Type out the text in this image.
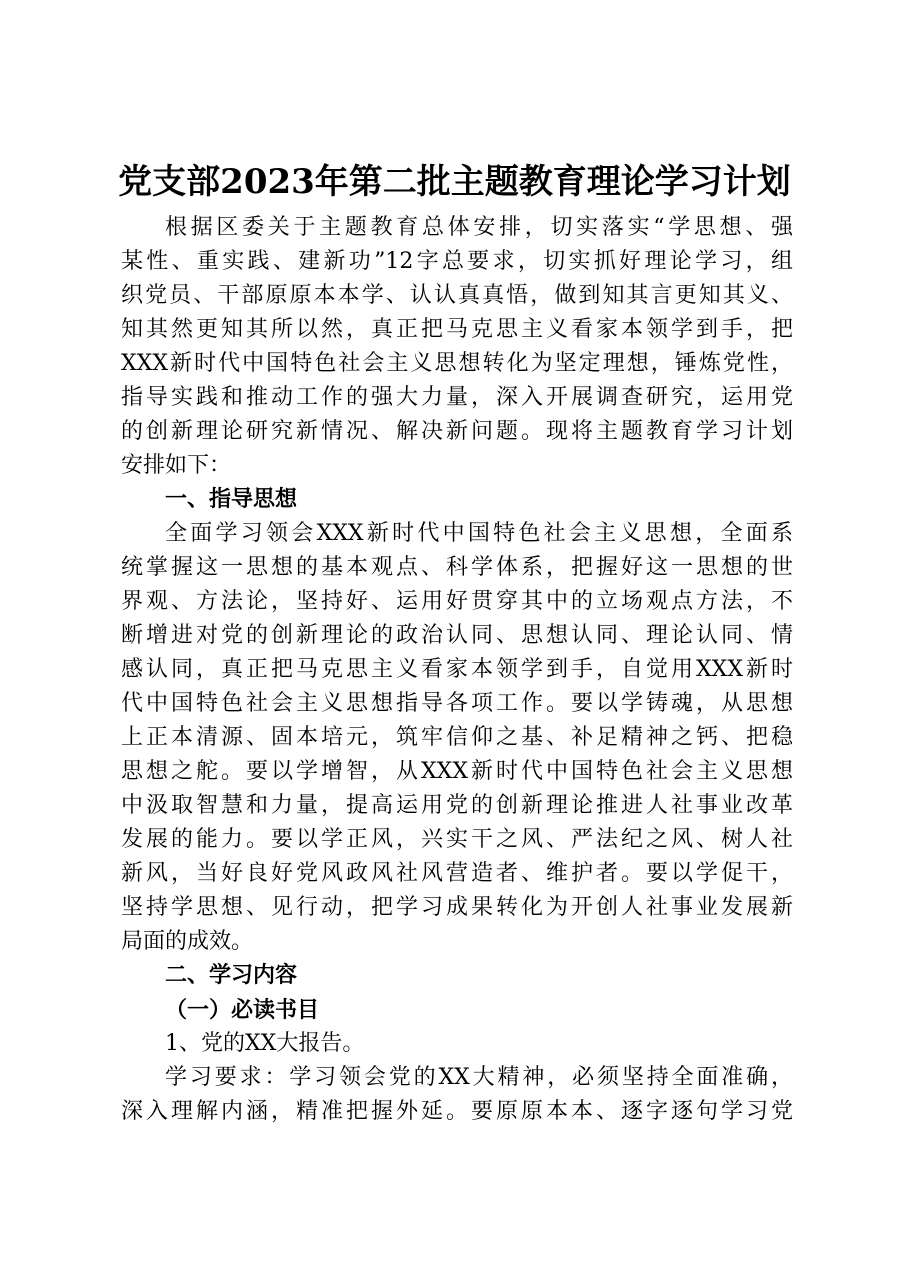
党支部2023年第二批主题教育理论学习计划
根据区委关于主题教育总体安排，切实落实“学思想、强
某性、重实践、建新功”12字总要求，切实抓好理论学习，组
织党员、干部原原本本学、认认真真悟，做到知其言更知其义、
知其然更知其所以然，真正把马克思主义看家本领学到手，把
XXX新时代中国特色社会主义思想转化为坚定理想，锤炼党性，
指导实践和推动工作的强大力量，深入开展调查研究，运用党
的创新理论研究新情况、解决新问题。现将主题教育学习计划
安排如下：
一、指导思想
全面学习领会XXX新时代中国特色社会主义思想，全面系
统掌握这一思想的基本观点、科学体系，把握好这一思想的世
界观、方法论，坚持好、运用好贯穿其中的立场观点方法，不
断增进对党的创新理论的政治认同、思想认同、理论认同、情
感认同，真正把马克思主义看家本领学到手，自觉用XXX新时
代中国特色社会主义思想指导各项工作。要以学铸魂，从思想
上正本清源、固本培元，筑牢信仰之基、补足精神之钙、把稳
思想之舵。要以学增智，从XXX新时代中国特色社会主义思想
中汲取智慧和力量，提高运用党的创新理论推进人社事业改革
发展的能力。要以学正风，兴实干之风、严法纪之风、树人社
新风，当好良好党风政风社风营造者、维护者。要以学促干，
坚持学思想、见行动，把学习成果转化为开创人社事业发展新
局面的成效。
二、学习内容
（一）必读书目
1、党的XX大报告。
学习要求：学习领会党的XX大精神，必须坚持全面准确，
深入理解内涵，精准把握外延。要原原本本、逐字逐句学习党
